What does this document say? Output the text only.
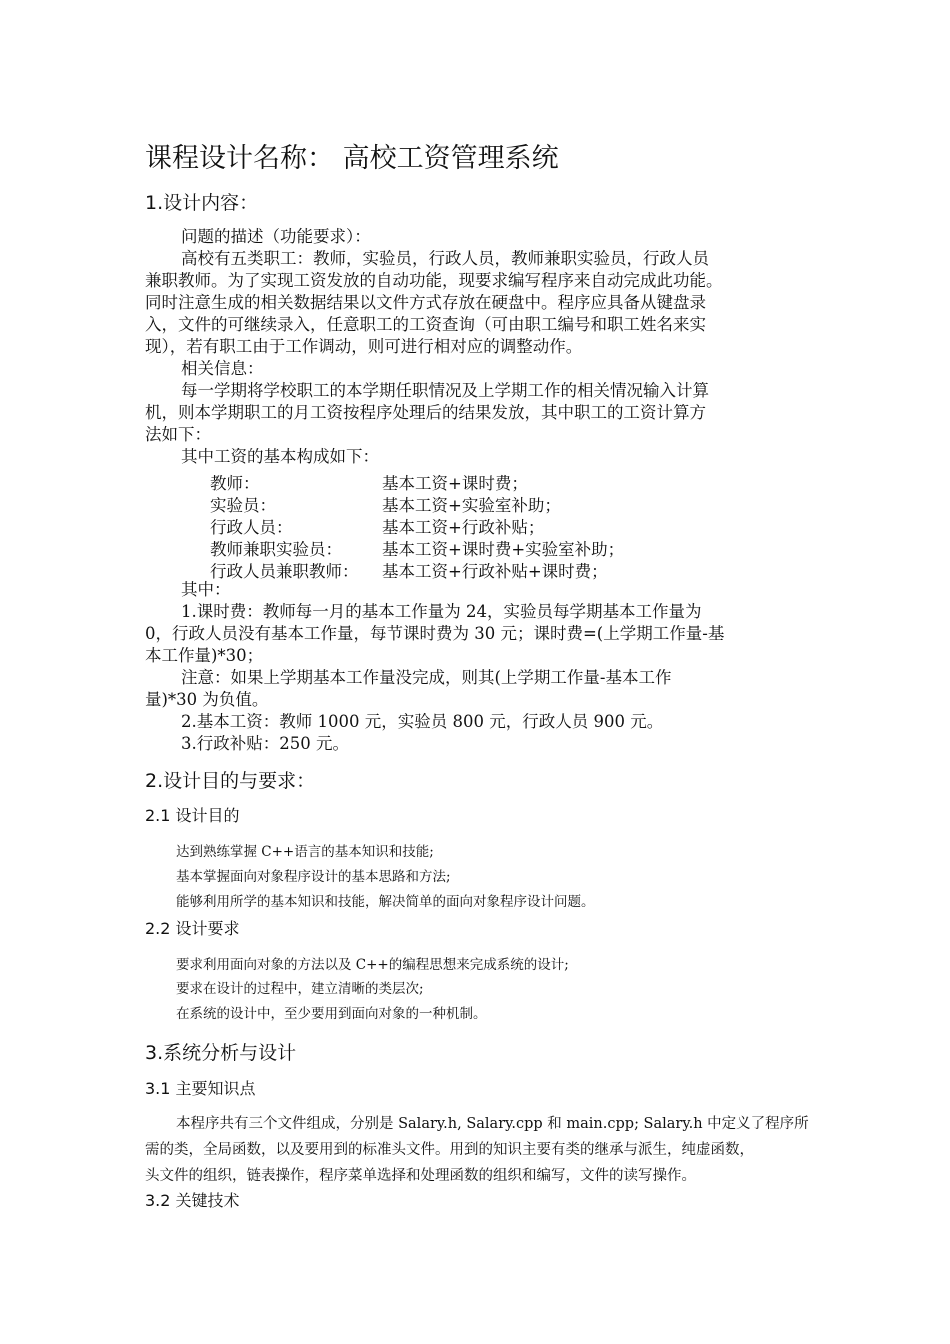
课程设计名称： 高校工资管理系统
1.设计内容：
问题的描述（功能要求）：
高校有五类职工：教师，实验员，行政人员，教师兼职实验员，行政人员
兼职教师。为了实现工资发放的自动功能，现要求编写程序来自动完成此功能。
同时注意生成的相关数据结果以文件方式存放在硬盘中。程序应具备从键盘录
入，文件的可继续录入，任意职工的工资查询（可由职工编号和职工姓名来实
现），若有职工由于工作调动，则可进行相对应的调整动作。
相关信息：
每一学期将学校职工的本学期任职情况及上学期工作的相关情况输入计算
机，则本学期职工的月工资按程序处理后的结果发放，其中职工的工资计算方
法如下：
其中工资的基本构成如下：
教师：	基本工资+课时费；
实验员：	基本工资+实验室补助；
行政人员：	基本工资+行政补贴；
教师兼职实验员： 基本工资+课时费+实验室补助；
行政人员兼职教师： 基本工资+行政补贴+课时费；
其中：
1.课时费：教师每一月的基本工作量为 24，实验员每学期基本工作量为
0，行政人员没有基本工作量，每节课时费为 30 元；课时费=(上学期工作量-基
本工作量)*30；
注意：如果上学期基本工作量没完成，则其(上学期工作量-基本工作
量)*30 为负值。
2.基本工资：教师 1000 元，实验员 800 元，行政人员 900 元。
3.行政补贴：250 元。
2.设计目的与要求：
2.1 设计目的
达到熟练掌握 C++语言的基本知识和技能;
基本掌握面向对象程序设计的基本思路和方法;
能够利用所学的基本知识和技能，解决简单的面向对象程序设计问题。
2.2 设计要求
要求利用面向对象的方法以及 C++的编程思想来完成系统的设计;
要求在设计的过程中，建立清晰的类层次;
在系统的设计中，至少要用到面向对象的一种机制。
3.系统分析与设计
3.1 主要知识点
本程序共有三个文件组成，分别是 Salary.h, Salary.cpp 和 main.cpp; Salary.h 中定义了程序所
需的类，全局函数，以及要用到的标准头文件。用到的知识主要有类的继承与派生，纯虚函数，
头文件的组织，链表操作，程序菜单选择和处理函数的组织和编写，文件的读写操作。
3.2 关键技术
